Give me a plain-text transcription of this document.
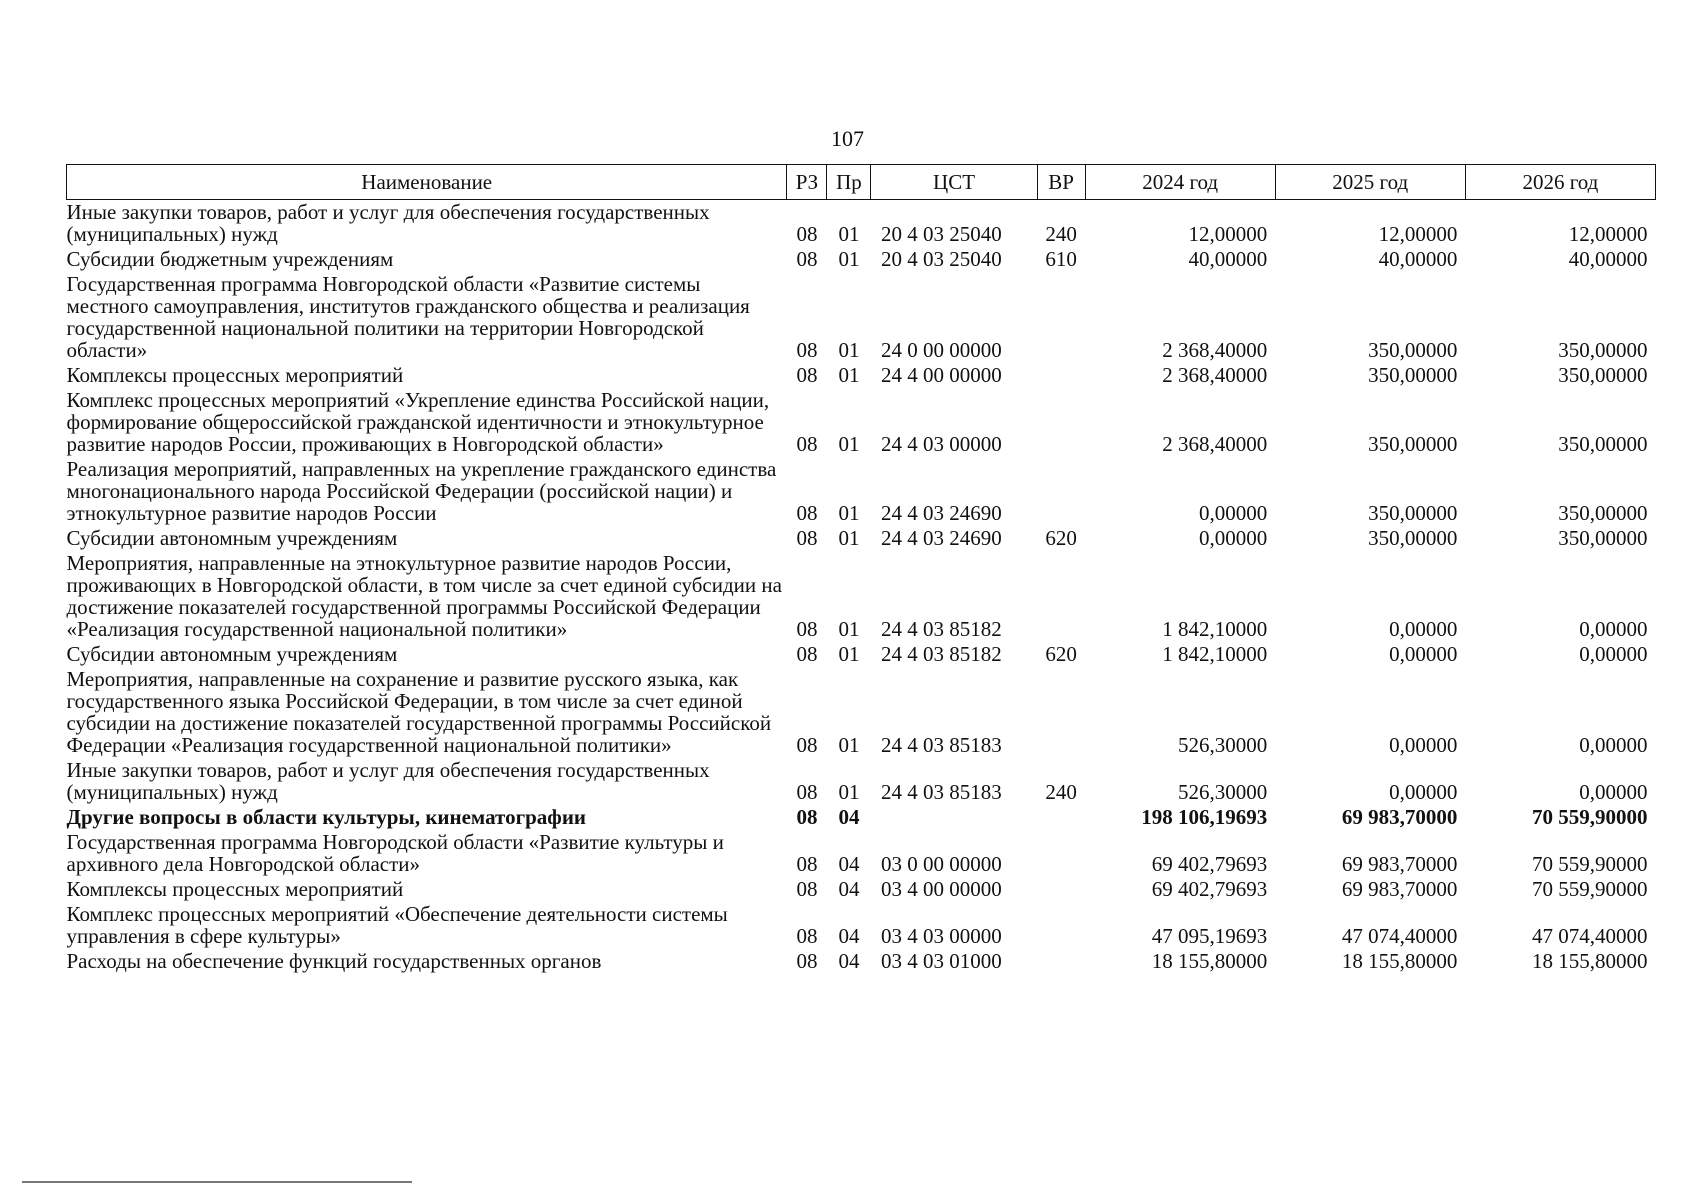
107
Наименование	РЗ	Пр	ЦСТ	ВР	2024 год	2025 год	2026 год
Иные закупки товаров, работ и услуг для обеспечения государственных (муниципальных) нужд	08	01	20 4 03 25040	240	12,00000	12,00000	12,00000
Субсидии бюджетным учреждениям	08	01	20 4 03 25040	610	40,00000	40,00000	40,00000
Государственная программа Новгородской области «Развитие системы местного самоуправления, институтов гражданского общества и реализация государственной национальной политики на территории Новгородской области»	08	01	24 0 00 00000		2 368,40000	350,00000	350,00000
Комплексы процессных мероприятий	08	01	24 4 00 00000		2 368,40000	350,00000	350,00000
Комплекс процессных мероприятий «Укрепление единства Российской нации, формирование общероссийской гражданской идентичности и этнокультурное развитие народов России, проживающих в Новгородской области»	08	01	24 4 03 00000		2 368,40000	350,00000	350,00000
Реализация мероприятий, направленных на укрепление гражданского единства многонационального народа Российской Федерации (российской нации) и этнокультурное развитие народов России	08	01	24 4 03 24690		0,00000	350,00000	350,00000
Субсидии автономным учреждениям	08	01	24 4 03 24690	620	0,00000	350,00000	350,00000
Мероприятия, направленные на этнокультурное развитие народов России, проживающих в Новгородской области, в том числе за счет единой субсидии на достижение показателей государственной программы Российской Федерации «Реализация государственной национальной политики»	08	01	24 4 03 85182		1 842,10000	0,00000	0,00000
Субсидии автономным учреждениям	08	01	24 4 03 85182	620	1 842,10000	0,00000	0,00000
Мероприятия, направленные на сохранение и развитие русского языка, как государственного языка Российской Федерации, в том числе за счет единой субсидии на достижение показателей государственной программы Российской Федерации «Реализация государственной национальной политики»	08	01	24 4 03 85183		526,30000	0,00000	0,00000
Иные закупки товаров, работ и услуг для обеспечения государственных (муниципальных) нужд	08	01	24 4 03 85183	240	526,30000	0,00000	0,00000
Другие вопросы в области культуры, кинематографии	08	04			198 106,19693	69 983,70000	70 559,90000
Государственная программа Новгородской области «Развитие культуры и архивного дела Новгородской области»	08	04	03 0 00 00000		69 402,79693	69 983,70000	70 559,90000
Комплексы процессных мероприятий	08	04	03 4 00 00000		69 402,79693	69 983,70000	70 559,90000
Комплекс процессных мероприятий «Обеспечение деятельности системы управления в сфере культуры»	08	04	03 4 03 00000		47 095,19693	47 074,40000	47 074,40000
Расходы на обеспечение функций государственных органов	08	04	03 4 03 01000		18 155,80000	18 155,80000	18 155,80000
